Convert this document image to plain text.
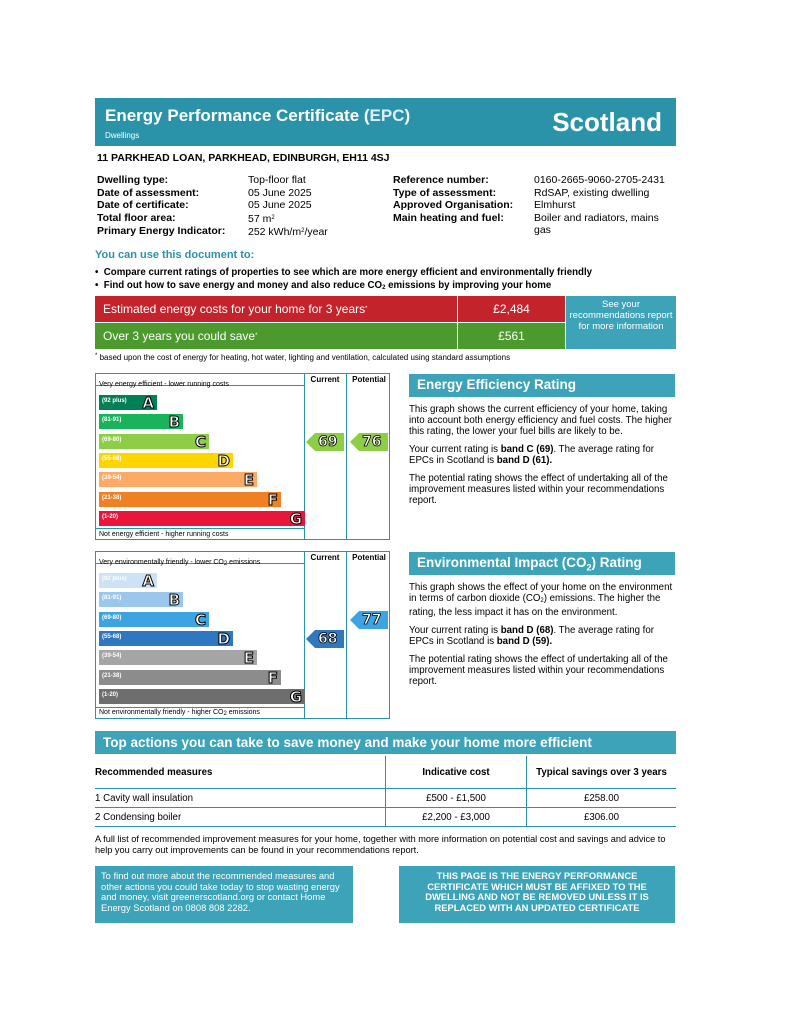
Energy Performance Certificate (EPC)
Dwellings	Scotland
11 PARKHEAD LOAN, PARKHEAD, EDINBURGH, EH11 4SJ
Dwelling type:	Top-floor flat
Date of assessment:	05 June 2025
Date of certificate:	05 June 2025
Total floor area:	57 $m^2$
Primary Energy Indicator:	252 kWh/$m^2$/year
Reference number:	0160-2665-9060-2705-2431
Type of assessment:	RdSAP, existing dwelling
Approved Organisation:	Elmhurst
Main heating and fuel:	Boiler and radiators, mains gas
You can use this document to:
•  Compare current ratings of properties to see which are more energy efficient and environmentally friendly
•  Find out how to save energy and money and also reduce $CO_2$ emissions by improving your home
Estimated energy costs for your home for 3 years*	£2,484
Over 3 years you could save*	£561
See your recommendations report for more information
* based upon the cost of energy for heating, hot water, lighting and ventilation, calculated using standard assumptions
Current	Potential
Very energy efficient - lower running costs
Not energy efficient - higher running costs
(92 plus) A
(81-91)	B
(69-80)	C
(55-68)	D
(39-54)	E
(21-38)	F
(1-20)	G
69 76
Current	Potential
Very environmentally friendly - lower $CO_2$ emissions
Not environmentally friendly - higher $CO_2$ emissions
(92 plus) A
(81-91)	B
(69-80)	C
(55-68)	D
(39-54)	E
(21-38)	F
(1-20)	G
68
77
Energy Efficiency Rating

This graph shows the current efficiency of your home, taking into account both energy efficiency and fuel costs. The higher this rating, the lower your fuel bills are likely to be.

Your current rating is band C (69). The average rating for EPCs in Scotland is band D (61).

The potential rating shows the effect of undertaking all of the improvement measures listed within your recommendations report.

Environmental Impact $(CO_2)$ Rating

This graph shows the effect of your home on the environment in terms of carbon dioxide $(CO_2)$ emissions. The higher the rating, the less impact it has on the environment.

Your current rating is band D (68). The average rating for EPCs in Scotland is band D (59).

The potential rating shows the effect of undertaking all of the improvement measures listed within your recommendations report.

Top actions you can take to save money and make your home more efficient
Recommended measures	Indicative cost	Typical savings over 3 years
1 Cavity wall insulation	£500 - £1,500	£258.00
2 Condensing boiler	£2,200 - £3,000	£306.00
A full list of recommended improvement measures for your home, together with more information on potential cost and savings and advice to help you carry out improvements can be found in your recommendations report.
To find out more about the recommended measures and other actions you could take today to stop wasting energy and money, visit greenerscotland.org or contact Home Energy Scotland on 0808 808 2282.
THIS PAGE IS THE ENERGY PERFORMANCE CERTIFICATE WHICH MUST BE AFFIXED TO THE DWELLING AND NOT BE REMOVED UNLESS IT IS REPLACED WITH AN UPDATED CERTIFICATE
